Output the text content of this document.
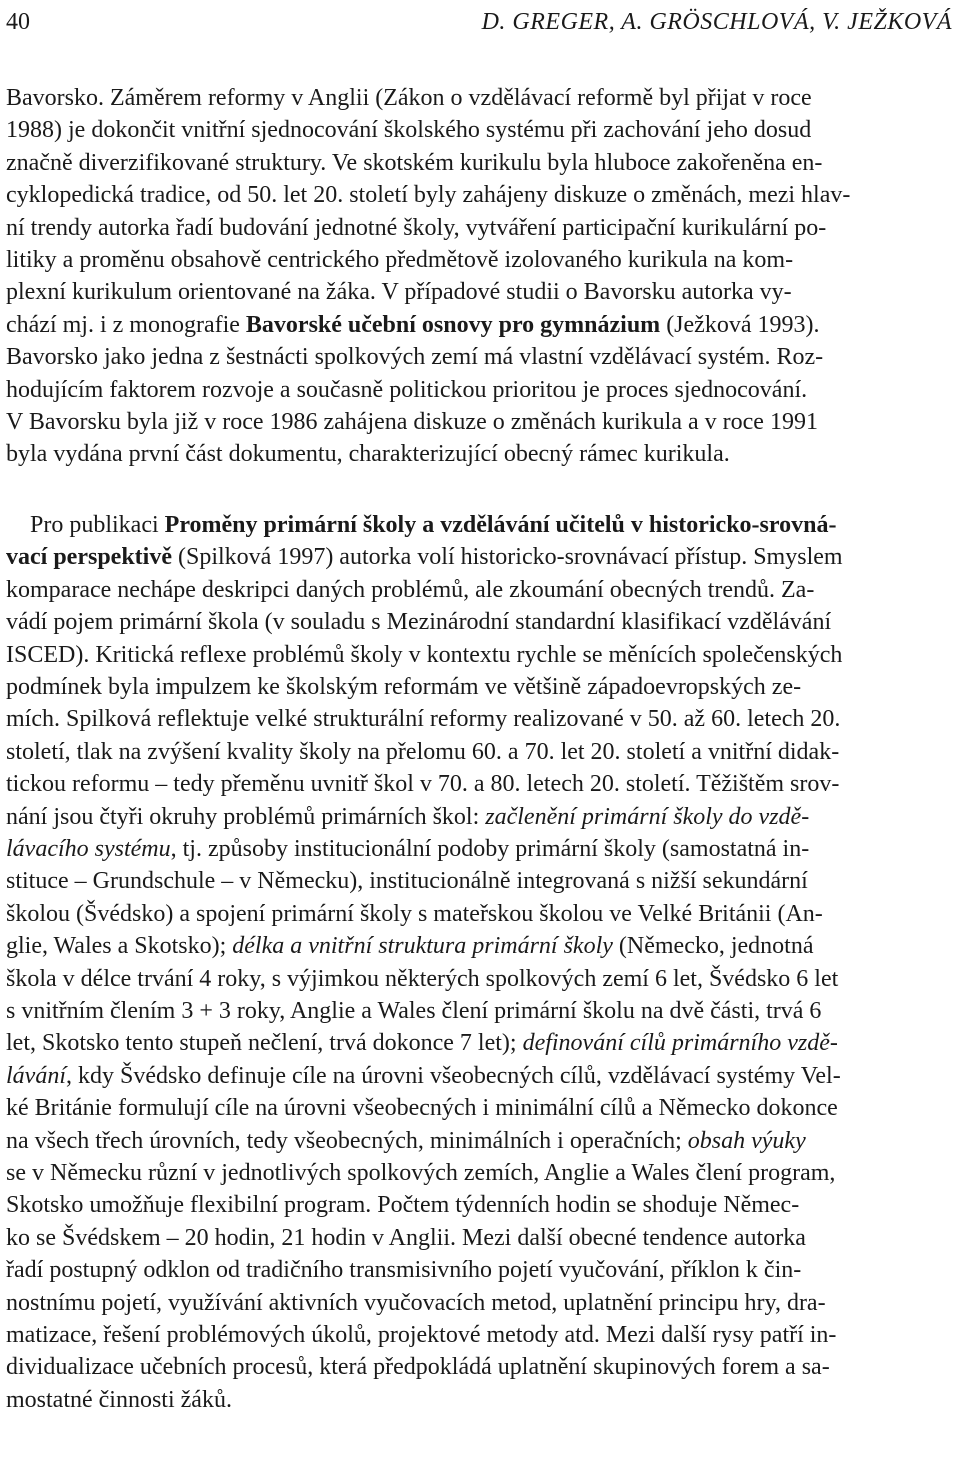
40	D. GREGER, A. GRÖSCHLOVÁ, V. JEŽKOVÁ

Bavorsko. Záměrem reformy v Anglii (Zákon o vzdělávací reformě byl přijat v roce
1988) je dokončit vnitřní sjednocování školského systému při zachování jeho dosud
značně diverzifikované struktury. Ve skotském kurikulu byla hluboce zakořeněna en-
cyklopedická tradice, od 50. let 20. století byly zahájeny diskuze o změnách, mezi hlav-
ní trendy autorka řadí budování jednotné školy, vytváření participační kurikulární po-
litiky a proměnu obsahově centrického předmětově izolovaného kurikula na kom-
plexní kurikulum orientované na žáka. V případové studii o Bavorsku autorka vy-
chází mj. i z monografie Bavorské učební osnovy pro gymnázium (Ježková 1993).
Bavorsko jako jedna z šestnácti spolkových zemí má vlastní vzdělávací systém. Roz-
hodujícím faktorem rozvoje a současně politickou prioritou je proces sjednocování.
V Bavorsku byla již v roce 1986 zahájena diskuze o změnách kurikula a v roce 1991
byla vydána první část dokumentu, charakterizující obecný rámec kurikula.

 Pro publikaci Proměny primární školy a vzdělávání učitelů v historicko-srovná-
vací perspektivě (Spilková 1997) autorka volí historicko-srovnávací přístup. Smyslem
komparace nechápe deskripci daných problémů, ale zkoumání obecných trendů. Za-
vádí pojem primární škola (v souladu s Mezinárodní standardní klasifikací vzdělávání
ISCED). Kritická reflexe problémů školy v kontextu rychle se měnících společenských
podmínek byla impulzem ke školským reformám ve většině západoevropských ze-
mích. Spilková reflektuje velké strukturální reformy realizované v 50. až 60. letech 20.
století, tlak na zvýšení kvality školy na přelomu 60. a 70. let 20. století a vnitřní didak-
tickou reformu – tedy přeměnu uvnitř škol v 70. a 80. letech 20. století. Těžištěm srov-
nání jsou čtyři okruhy problémů primárních škol: začlenění primární školy do vzdě-
lávacího systému, tj. způsoby institucionální podoby primární školy (samostatná in-
stituce – Grundschule – v Německu), institucionálně integrovaná s nižší sekundární
školou (Švédsko) a spojení primární školy s mateřskou školou ve Velké Británii (An-
glie, Wales a Skotsko); délka a vnitřní struktura primární školy (Německo, jednotná
škola v délce trvání 4 roky, s výjimkou některých spolkových zemí 6 let, Švédsko 6 let
s vnitřním člením 3 + 3 roky, Anglie a Wales člení primární školu na dvě části, trvá 6
let, Skotsko tento stupeň nečlení, trvá dokonce 7 let); definování cílů primárního vzdě-
lávání, kdy Švédsko definuje cíle na úrovni všeobecných cílů, vzdělávací systémy Vel-
ké Británie formulují cíle na úrovni všeobecných i minimální cílů a Německo dokonce
na všech třech úrovních, tedy všeobecných, minimálních i operačních; obsah výuky
se v Německu různí v jednotlivých spolkových zemích, Anglie a Wales člení program,
Skotsko umožňuje flexibilní program. Počtem týdenních hodin se shoduje Němec-
ko se Švédskem – 20 hodin, 21 hodin v Anglii. Mezi další obecné tendence autorka
řadí postupný odklon od tradičního transmisivního pojetí vyučování, příklon k čin-
nostnímu pojetí, využívání aktivních vyučovacích metod, uplatnění principu hry, dra-
matizace, řešení problémových úkolů, projektové metody atd. Mezi další rysy patří in-
dividualizace učebních procesů, která předpokládá uplatnění skupinových forem a sa-
mostatné činnosti žáků.
